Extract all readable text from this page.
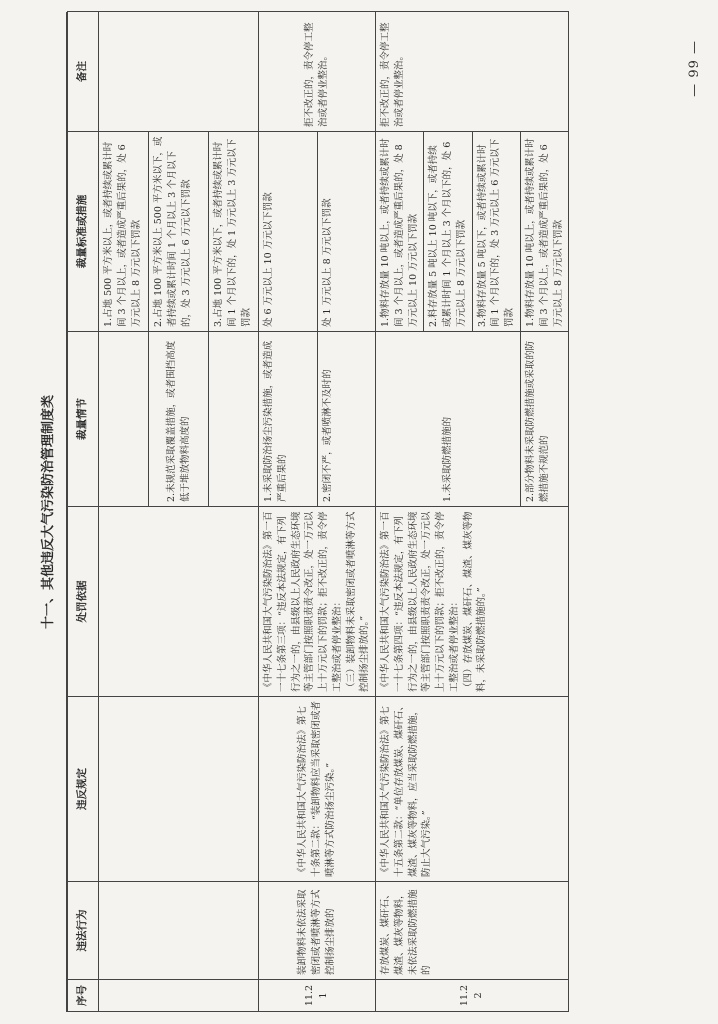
— 99 —
十一、其他违反大气污染防治管理制度类
序号	违法行为	违反规定	处罚依据	裁量情节	裁量标准或措施	备注
					1.占地 500 平方米以上，或者持续或累计时间 3 个月以上，或者造成严重后果的，处 6 万元以上 8 万元以下罚款	
				2.未规范采取覆盖措施，或者围挡高度低于堆放物料高度的	2.占地 100 平方米以上 500 平方米以下，或者持续或累计时间 1 个月以上 3 个月以下的，处 3 万元以上 6 万元以下罚款	
					3.占地 100 平方米以下，或者持续或累计时间 1 个月以下的，处 1 万元以上 3 万元以下罚款	
11.21	装卸物料未依法采取密闭或者喷淋等方式控制扬尘排放的	《中华人民共和国大气污染防治法》第七十条第二款：“装卸物料应当采取密闭或者喷淋等方式防治扬尘污染。”	《中华人民共和国大气污染防治法》第一百一十七条第三项：“违反本法规定，有下列行为之一的，由县级以上人民政府生态环境等主管部门按照职责责令改正，处一万元以上十万元以下的罚款；拒不改正的，责令停工整治或者停业整治： （三）装卸物料未采取密闭或者喷淋等方式控制扬尘排放的。”	1.未采取防治扬尘污染措施，或者造成严重后果的	处 6 万元以上 10 万元以下罚款	拒不改正的，责令停工整治或者停业整治。
				2.密闭不严，或者喷淋不及时的	处 1 万元以上 8 万元以下罚款	
11.22	存放煤炭、煤矸石、煤渣、煤灰等物料，未依法采取防燃措施的	《中华人民共和国大气污染防治法》第七十五条第二款：“单位存放煤炭、煤矸石、煤渣、煤灰等物料，应当采取防燃措施，防止大气污染。”	《中华人民共和国大气污染防治法》第一百一十七条第四项：“违反本法规定，有下列行为之一的，由县级以上人民政府生态环境等主管部门按照职责责令改正，处一万元以上十万元以下的罚款；拒不改正的，责令停工整治或者停业整治： （四）存放煤炭、煤矸石、煤渣、煤灰等物料，未采取防燃措施的。”	1.未采取防燃措施的	1.物料存放量 10 吨以上，或者持续或累计时间 3 个月以上，或者造成严重后果的，处 8 万元以上 10 万元以下罚款	拒不改正的，责令停工整治或者停业整治。
					2.料存放量 5 吨以上 10 吨以下，或者持续或累计时间 1 个月以上 3 个月以下的，处 6 万元以上 8 万元以下罚款	
					3.物料存放量 5 吨以下，或者持续或累计时间 1 个月以下的，处 3 万元以上 6 万元以下罚款	
				2.部分物料未采取防燃措施或采取的防燃措施不规范的	1.物料存放量 10 吨以上，或者持续或累计时间 3 个月以上，或者造成严重后果的，处 6 万元以上 8 万元以下罚款	
